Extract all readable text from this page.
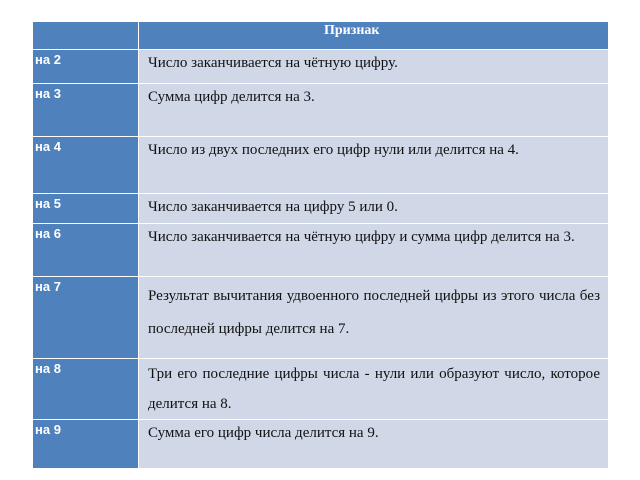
	Признак
на 2	Число заканчивается на чётную цифру.
на 3	Сумма цифр делится на 3.
на 4	Число из двух последних его цифр нули или делится на 4.
на 5	Число заканчивается на цифру 5 или 0.
на 6	Число заканчивается на чётную цифру и сумма цифр делится на 3.
на 7	Результат вычитания удвоенного последней цифры из этого числа без последней цифры делится на 7.
на 8	Три его последние цифры числа - нули или образуют число, которое делится на 8.
на 9	Сумма его цифр числа делится на 9.
